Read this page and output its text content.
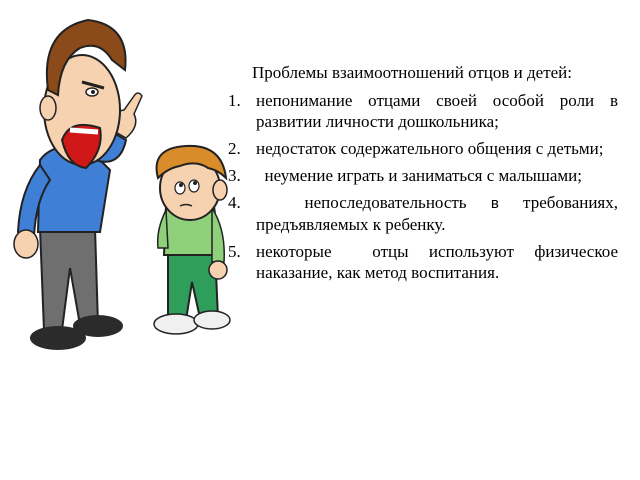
Проблемы взаимоотношений отцов и детей:
1. непонимание отцами своей особой роли в развитии личности дошкольника;
2. недостаток содержательного общения с детьми;
3. неумение играть и заниматься с малышами;
4. непоследовательность в требованиях, предъявляемых к ребенку.
5. некоторые  отцы используют физическое наказание, как метод воспитания.
